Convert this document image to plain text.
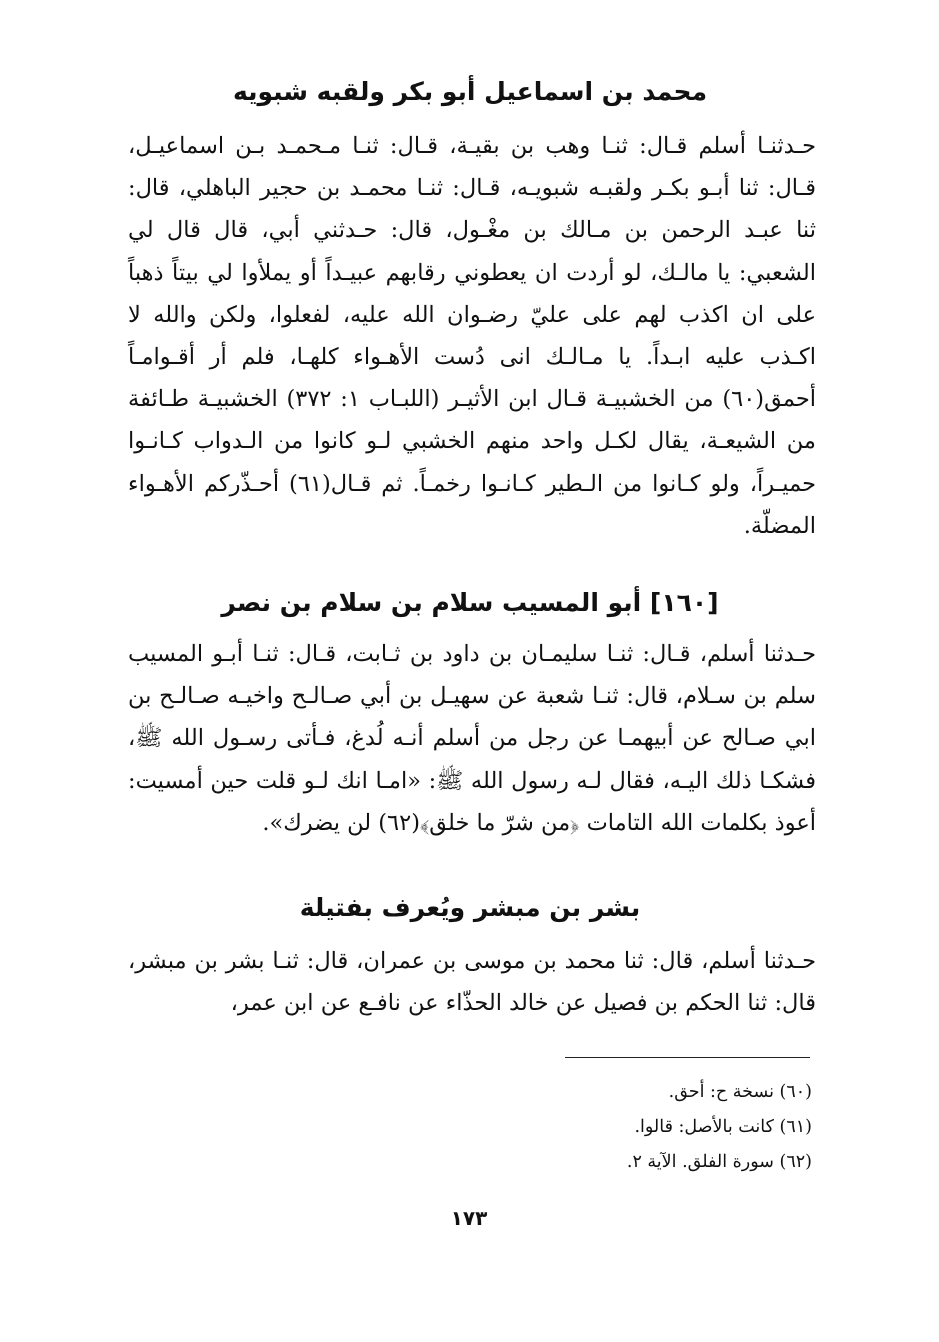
محمد بن اسماعيل أبو بكر ولقبه شبويه

حـدثنـا أسلم قـال: ثنـا وهب بن بقيـة، قـال: ثنـا مـحمـد بـن اسماعيـل، قـال: ثنا أبـو بكـر ولقبـه شبويـه، قـال: ثنـا محمـد بن حجير الباهلي، قال: ثنا عبـد الرحمن بن مـالك بن مغْـول، قال: حـدثني أبي، قال قال لي الشعبي: يا مالـك، لو أردت ان يعطوني رقابهم عبيـداً أو يملأوا لي بيتاً ذهباً على ان اكذب لهم على عليّ رضـوان الله عليه، لفعلوا، ولكن والله لا اكـذب عليه ابـداً. يا مـالـك انى دُست الأهـواء كلهـا، فلم أر أقـوامـاً أحمق(٦٠) من الخشبيـة قـال ابن الأثيـر (اللبـاب ١: ٣٧٢) الخشبيـة طـائفة من الشيعـة، يقال لكـل واحد منهم الخشبي لـو كانوا من الـدواب كـانـوا حميـراً، ولو كـانوا من الـطير كـانـوا رخمـاً. ثم قـال(٦١) أحـذّركم الأهـواء المضلّة.

[١٦٠] أبو المسيب سلام بن سلام بن نصر

حـدثنا أسلم، قـال: ثنـا سليمـان بن داود بن ثـابت، قـال: ثنـا أبـو المسيب سلم بن سـلام، قال: ثنـا شعبة عن سهيـل بن أبي صـالـح واخيـه صـالـح بن ابي صـالح عن أبيهمـا عن رجل من أسلم أنـه لُدغ، فـأتى رسـول الله ﷺ، فشكـا ذلك اليـه، فقال لـه رسول الله ﷺ: «امـا انك لـو قلت حين أمسيت: أعوذ بكلمات الله التامات ﴿من شرّ ما خلق﴾(٦٢) لن يضرك».

بشر بن مبشر ويُعرف بفتيلة

حـدثنا أسلم، قال: ثنا محمد بن موسى بن عمران، قال: ثنـا بشر بن مبشر، قال: ثنا الحكم بن فصيل عن خالد الحذّاء عن نافـع عن ابن عمر،

(٦٠) نسخة ح: أحق.
(٦١) كانت بالأصل: قالوا.
(٦٢) سورة الفلق. الآية ٢.
١٧٣
